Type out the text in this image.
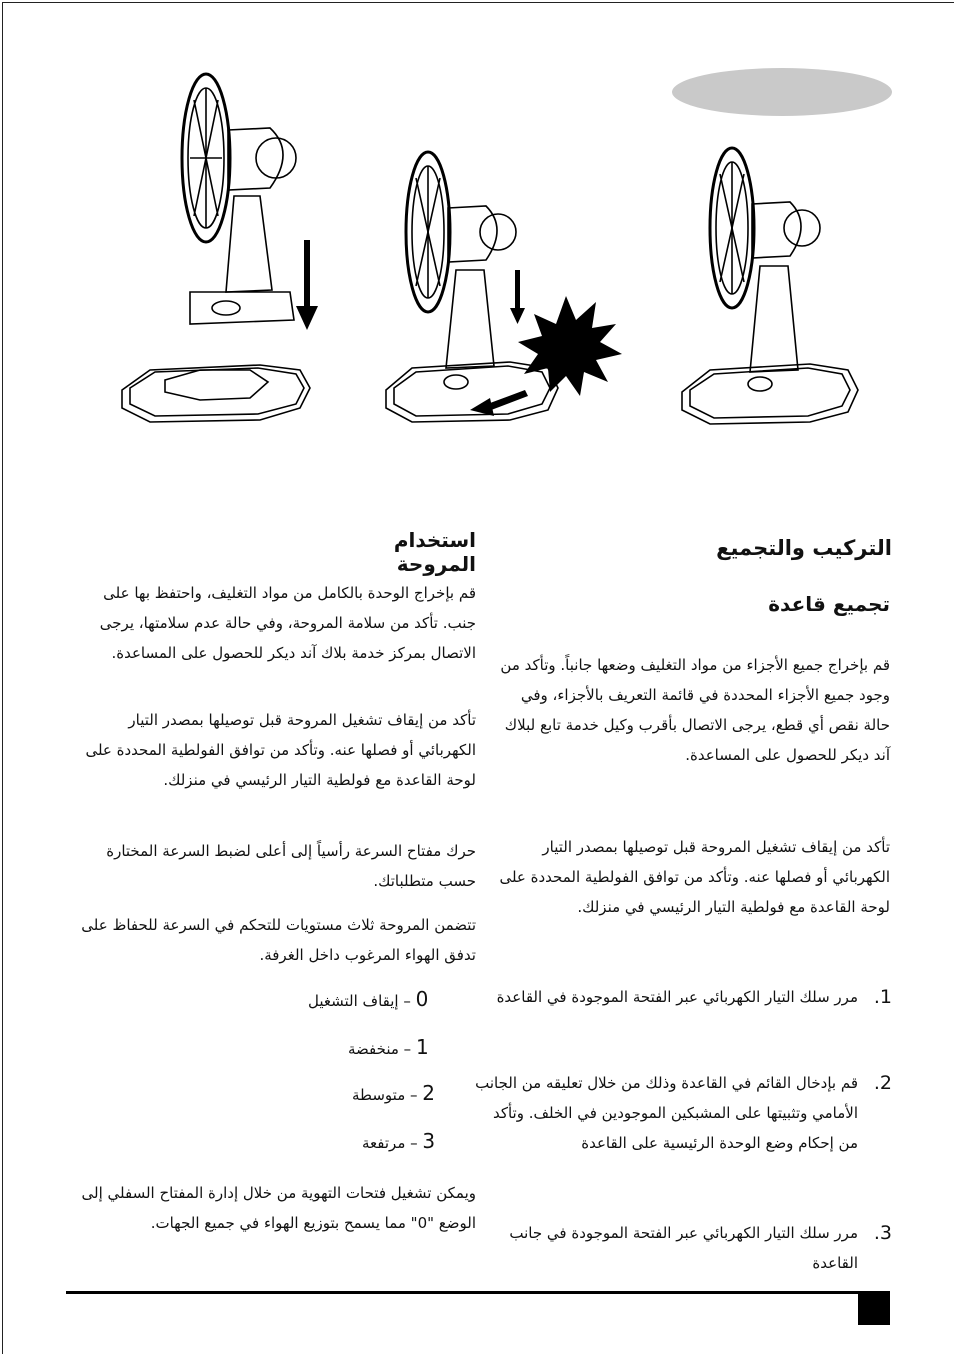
التركيب والتجميع
تجميع قاعدة

قم بإخراج جميع الأجزاء من مواد التغليف وضعها جانباً. وتأكد من وجود جميع الأجزاء المحددة في قائمة التعريف بالأجزاء، وفي حالة نقص أي قطع، يرجى الاتصال بأقرب وكيل خدمة تابع لبلاك آند ديكر للحصول على المساعدة.

تأكد من إيقاف تشغيل المروحة قبل توصيلها بمصدر التيار الكهربائي أو فصلها عنه. وتأكد من توافق الفولطية المحددة على لوحة القاعدة مع فولطية التيار الرئيسي في منزلك.

1.
مرر سلك التيار الكهربائي عبر الفتحة الموجودة في القاعدة
2.
قم بإدخال القائم في القاعدة وذلك من خلال تعليقه من الجانب الأمامي وتثبيتها على المشبكين الموجودين في الخلف. وتأكد من إحكام وضع الوحدة الرئيسية على القاعدة
3.
مرر سلك التيار الكهربائي عبر الفتحة الموجودة في جانب القاعدة
استخدام المروحة

قم بإخراج الوحدة بالكامل من مواد التغليف، واحتفظ بها على جنب. تأكد من سلامة المروحة، وفي حالة عدم سلامتها، يرجى الاتصال بمركز خدمة بلاك آند ديكر للحصول على المساعدة.

تأكد من إيقاف تشغيل المروحة قبل توصيلها بمصدر التيار الكهربائي أو فصلها عنه. وتأكد من توافق الفولطية المحددة على لوحة القاعدة مع فولطية التيار الرئيسي في منزلك.

حرك مفتاح السرعة رأسياً إلى أعلى لضبط السرعة المختارة حسب متطلباتك.

تتضمن المروحة ثلاث مستويات للتحكم في السرعة للحفاظ على تدفق الهواء المرغوب داخل الغرفة.

0 – إيقاف التشغيل
1 – منخفضة
2 – متوسطة
3 – مرتفعة

ويمكن تشغيل فتحات التهوية من خلال إدارة المفتاح السفلي إلى الوضع "0" مما يسمح بتوزيع الهواء في جميع الجهات.
